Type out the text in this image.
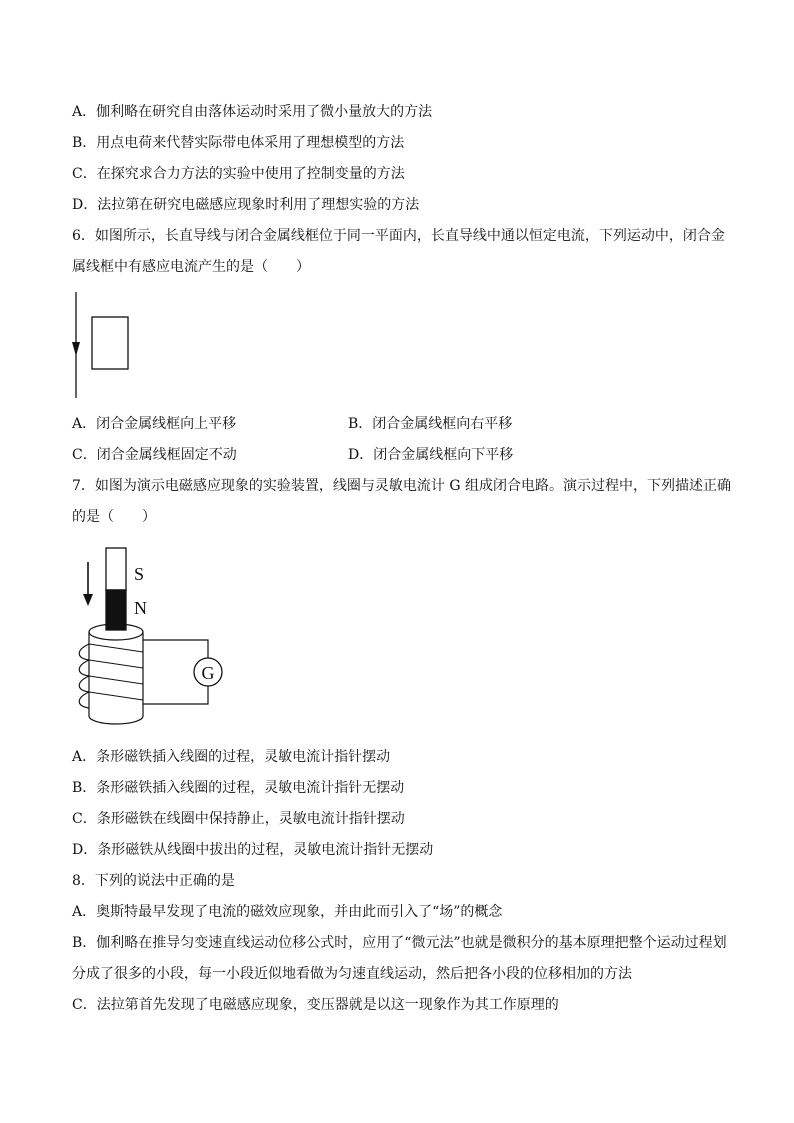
A．伽利略在研究自由落体运动时采用了微小量放大的方法
B．用点电荷来代替实际带电体采用了理想模型的方法
C．在探究求合力方法的实验中使用了控制变量的方法
D．法拉第在研究电磁感应现象时利用了理想实验的方法
6．如图所示，长直导线与闭合金属线框位于同一平面内，长直导线中通以恒定电流，下列运动中，闭合金
属线框中有感应电流产生的是（　　）
A．闭合金属线框向上平移	B．闭合金属线框向右平移
C．闭合金属线框固定不动	D．闭合金属线框向下平移
7．如图为演示电磁感应现象的实验装置，线圈与灵敏电流计 G 组成闭合电路。演示过程中，下列描述正确
的是（　　）
S
N
G
A．条形磁铁插入线圈的过程，灵敏电流计指针摆动
B．条形磁铁插入线圈的过程，灵敏电流计指针无摆动
C．条形磁铁在线圈中保持静止，灵敏电流计指针摆动
D．条形磁铁从线圈中拔出的过程，灵敏电流计指针无摆动
8．下列的说法中正确的是
A．奥斯特最早发现了电流的磁效应现象，并由此而引入了“场”的概念
B．伽利略在推导匀变速直线运动位移公式时，应用了“微元法”也就是微积分的基本原理把整个运动过程划
分成了很多的小段，每一小段近似地看做为匀速直线运动，然后把各小段的位移相加的方法
C．法拉第首先发现了电磁感应现象，变压器就是以这一现象作为其工作原理的
